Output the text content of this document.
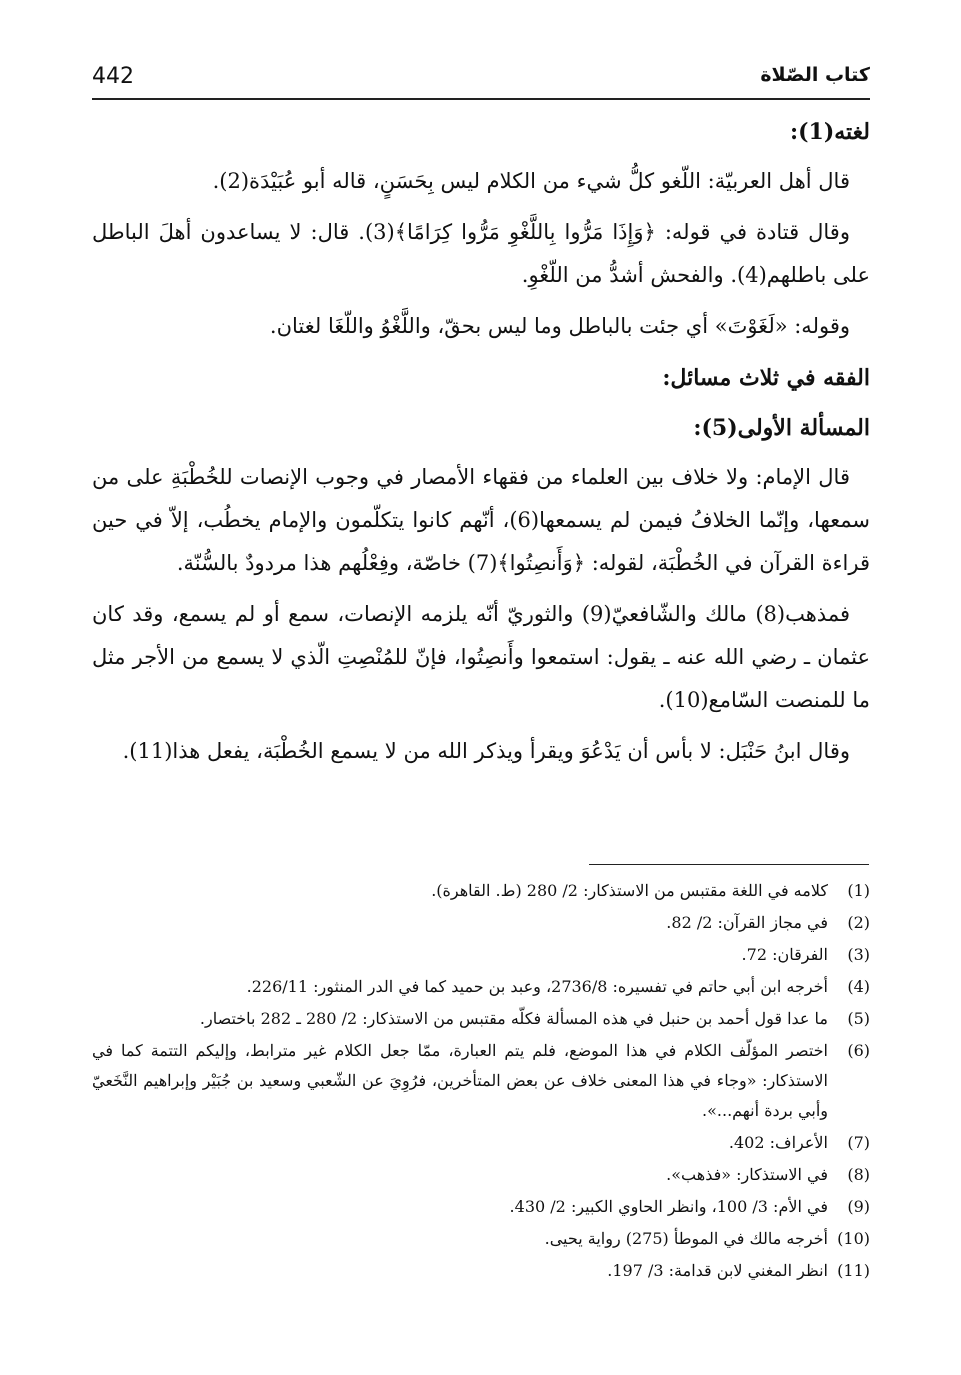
442	كتاب الصّلاة
لغته(1):

قال أهل العربيّة: اللّغو كلُّ شيء من الكلام ليس بِحَسَنٍ، قاله أبو عُبَيْدَة(2).

وقال قتادة في قوله: ﴿وَإِذَا مَرُّوا بِاللَّغْوِ مَرُّوا كِرَامًا﴾(3). قال: لا يساعدون أهلَ الباطل على باطلهم(4). والفحش أشدُّ من اللّغْوِ.

وقوله: «لَغَوْتَ» أي جئت بالباطل وما ليس بحقّ، واللَّغْوُ واللّغَا لغتان.

الفقه في ثلاث مسائل:
المسألة الأولى(5):

قال الإمام: ولا خلاف بين العلماء من فقهاء الأمصار في وجوب الإنصات للخُطْبَةِ على من سمعها، وإنّما الخلافُ فيمن لم يسمعها(6)، أنّهم كانوا يتكلّمون والإمام يخطُب، إلاّ في حين قراءة القرآن في الخُطْبَة، لقوله: ﴿وَأَنصِتُوا﴾(7) خاصّة، وفِعْلُهم هذا مردودٌ بالسُّنّة.

فمذهب(8) مالك والشّافعيّ(9) والثوريّ أنّه يلزمه الإنصات، سمع أو لم يسمع، وقد كان عثمان ـ رضي الله عنه ـ يقول: استمعوا وأَنصِتُوا، فإنّ للمُنْصِتِ الّذي لا يسمع من الأجر مثل ما للمنصت السّامع(10).

وقال ابنُ حَنْبَل: لا بأس أن يَدْعُوَ ويقرأ ويذكر الله من لا يسمع الخُطْبَة، يفعل هذا(11).

(1)
كلامه في اللغة مقتبس من الاستذكار: 2/ 280 (ط. القاهرة).
(2)
في مجاز القرآن: 2/ 82.
(3)
الفرقان: 72.
(4)
أخرجه ابن أبي حاتم في تفسيره: 2736/8، وعبد بن حميد كما في الدر المنثور: 226/11.
(5)
ما عدا قول أحمد بن حنبل في هذه المسألة فكلّه مقتبس من الاستذكار: 2/ 280 ـ 282 باختصار.
(6)
اختصر المؤلّف الكلام في هذا الموضع، فلم يتم العبارة، ممّا جعل الكلام غير مترابط، وإليكم التتمة كما في الاستذكار: «وجاء في هذا المعنى خلاف عن بعض المتأخرين، فرُوِيَ عن الشّعبي وسعيد بن جُبَيْر وإبراهيم النَّخَعيّ وأبي بردة أنهم...».
(7)
الأعراف: 402.
(8)
في الاستذكار: «فذهب».
(9)
في الأم: 3/ 100، وانظر الحاوي الكبير: 2/ 430.
(10)
أخرجه مالك في الموطأ (275) رواية يحيى.
(11)
انظر المغني لابن قدامة: 3/ 197.
